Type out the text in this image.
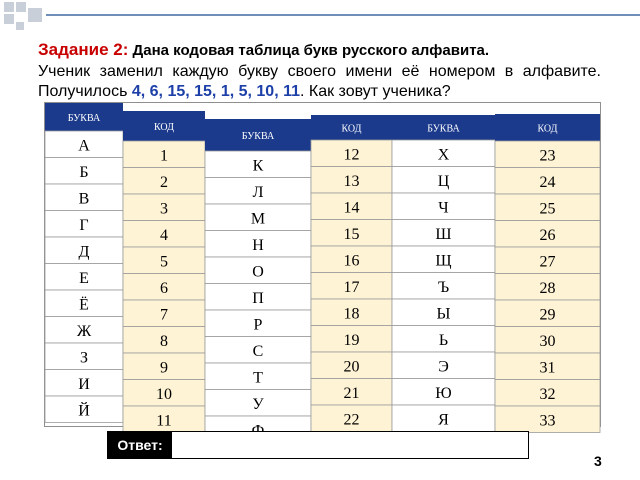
Задание 2: Дана кодовая таблица букв русского алфавита.
Ученик заменил каждую букву своего имени её номером в алфавите. Получилось 4, 6, 15, 15, 1, 5, 10, 11. Как зовут ученика?
БУКВА
А
Б
В
Г
Д
Е
Ё
Ж
З
И
Й
КОД
1
2
3
4
5
6
7
8
9
10
11
БУКВА
К
Л
М
Н
О
П
Р
С
Т
У
КОД
12
13
14
15
16
17
18
19
20
21
22
БУКВА
Х
Ц
Ч
Ш
Щ
Ъ
Ы
Ь
Э
Ю
Я
КОД
23
24
25
26
27
28
29
30
31
32
33
Ответ:
3
